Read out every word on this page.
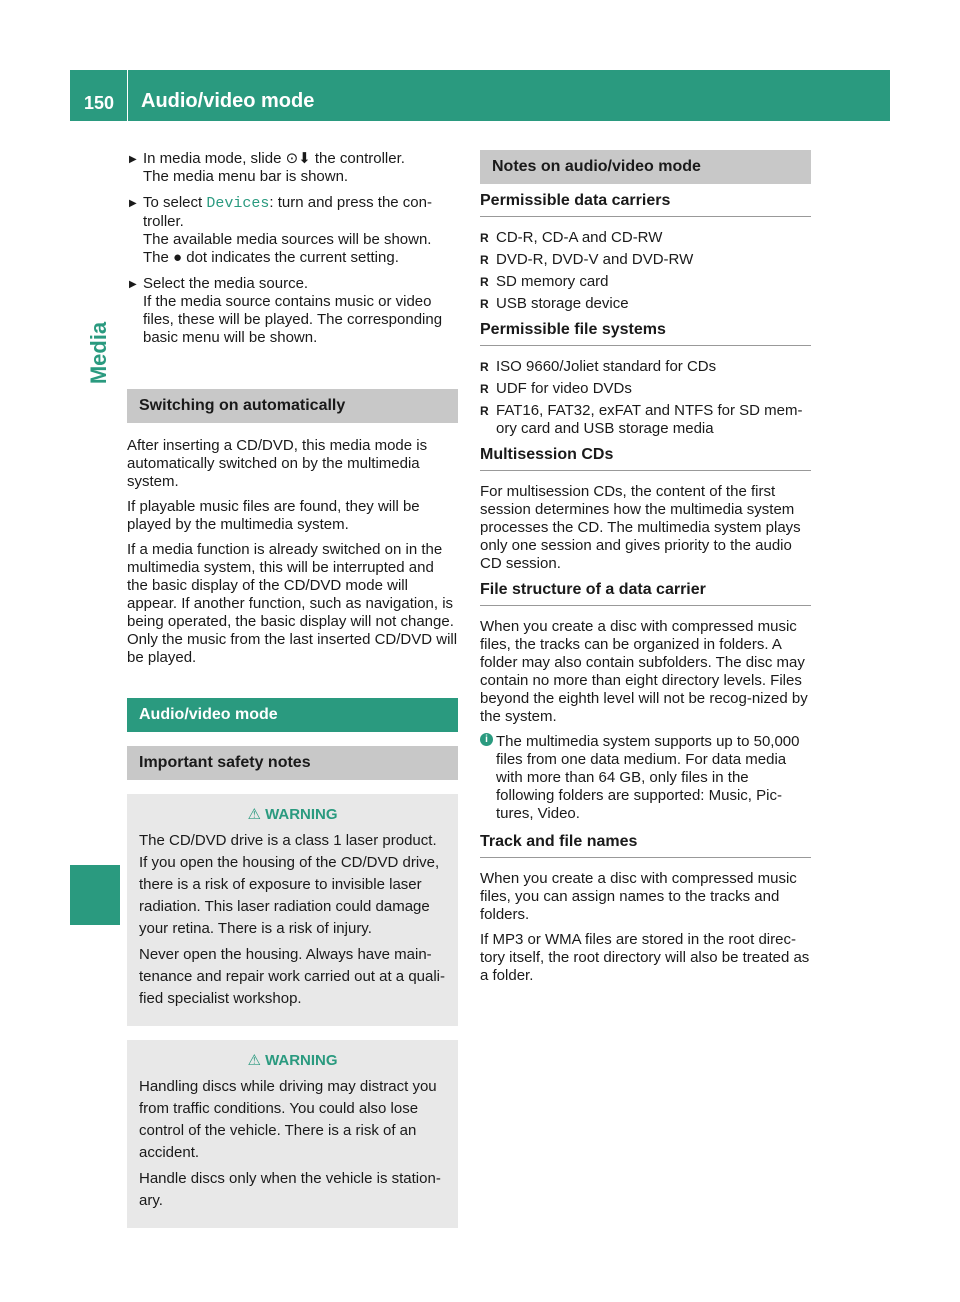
150 Audio/video mode
Media
▶ In media mode, slide ⊙⬇ the controller.
The media menu bar is shown.
▶ To select Devices: turn and press the con-troller.
The available media sources will be shown.
The ● dot indicates the current setting.
▶ Select the media source.
If the media source contains music or video files, these will be played. The corresponding basic menu will be shown.
Switching on automatically

After inserting a CD/DVD, this media mode is automatically switched on by the multimedia system.

If playable music files are found, they will be played by the multimedia system.

If a media function is already switched on in the multimedia system, this will be interrupted and the basic display of the CD/DVD mode will appear. If another function, such as navigation, is being operated, the basic display will not change. Only the music from the last inserted CD/DVD will be played.

Audio/video mode
Important safety notes
⚠ WARNING

The CD/DVD drive is a class 1 laser product. If you open the housing of the CD/DVD drive, there is a risk of exposure to invisible laser radiation. This laser radiation could damage your retina. There is a risk of injury.

Never open the housing. Always have main-tenance and repair work carried out at a quali-fied specialist workshop.

⚠ WARNING

Handling discs while driving may distract you from traffic conditions. You could also lose control of the vehicle. There is a risk of an accident.

Handle discs only when the vehicle is station-ary.

Notes on audio/video mode
Permissible data carriers
R CD-R, CD-A and CD-RW
R DVD-R, DVD-V and DVD-RW
R SD memory card
R USB storage device
Permissible file systems
R ISO 9660/Joliet standard for CDs
R UDF for video DVDs
R FAT16, FAT32, exFAT and NTFS for SD mem-ory card and USB storage media
Multisession CDs

For multisession CDs, the content of the first session determines how the multimedia system processes the CD. The multimedia system plays only one session and gives priority to the audio CD session.

File structure of a data carrier

When you create a disc with compressed music files, the tracks can be organized in folders. A folder may also contain subfolders. The disc may contain no more than eight directory levels. Files beyond the eighth level will not be recog-nized by the system.

i The multimedia system supports up to 50,000 files from one data medium. For data media with more than 64 GB, only files in the following folders are supported: Music, Pic-tures, Video.
Track and file names

When you create a disc with compressed music files, you can assign names to the tracks and folders.

If MP3 or WMA files are stored in the root direc-tory itself, the root directory will also be treated as a folder.
